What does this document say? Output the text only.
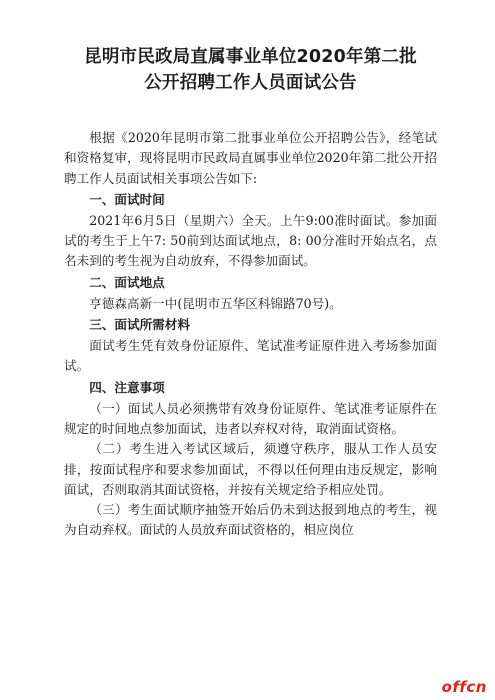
昆明市民政局直属事业单位2020年第二批
公开招聘工作人员面试公告

根据《2020年昆明市第二批事业单位公开招聘公告》，经笔试和资格复审，现将昆明市民政局直属事业单位2020年第二批公开招聘工作人员面试相关事项公告如下:

一、面试时间

2021年6月5日（星期六）全天。上午9:00准时面试。参加面试的考生于上午7: 50前到达面试地点，8: 00分准时开始点名，点名未到的考生视为自动放弃，不得参加面试。

二、面试地点

亨德森高新一中(昆明市五华区科锦路70号)。

三、面试所需材料

面试考生凭有效身份证原件、笔试准考证原件进入考场参加面试。

四、注意事项

（一）面试人员必须携带有效身份证原件、笔试准考证原件在规定的时间地点参加面试，违者以弃权对待，取消面试资格。

（二）考生进入考试区域后，须遵守秩序，服从工作人员安排，按面试程序和要求参加面试，不得以任何理由违反规定，影响面试，否则取消其面试资格，并按有关规定给予相应处罚。

（三）考生面试顺序抽签开始后仍未到达报到地点的考生，视为自动弃权。面试的人员放弃面试资格的，相应岗位

offcn
